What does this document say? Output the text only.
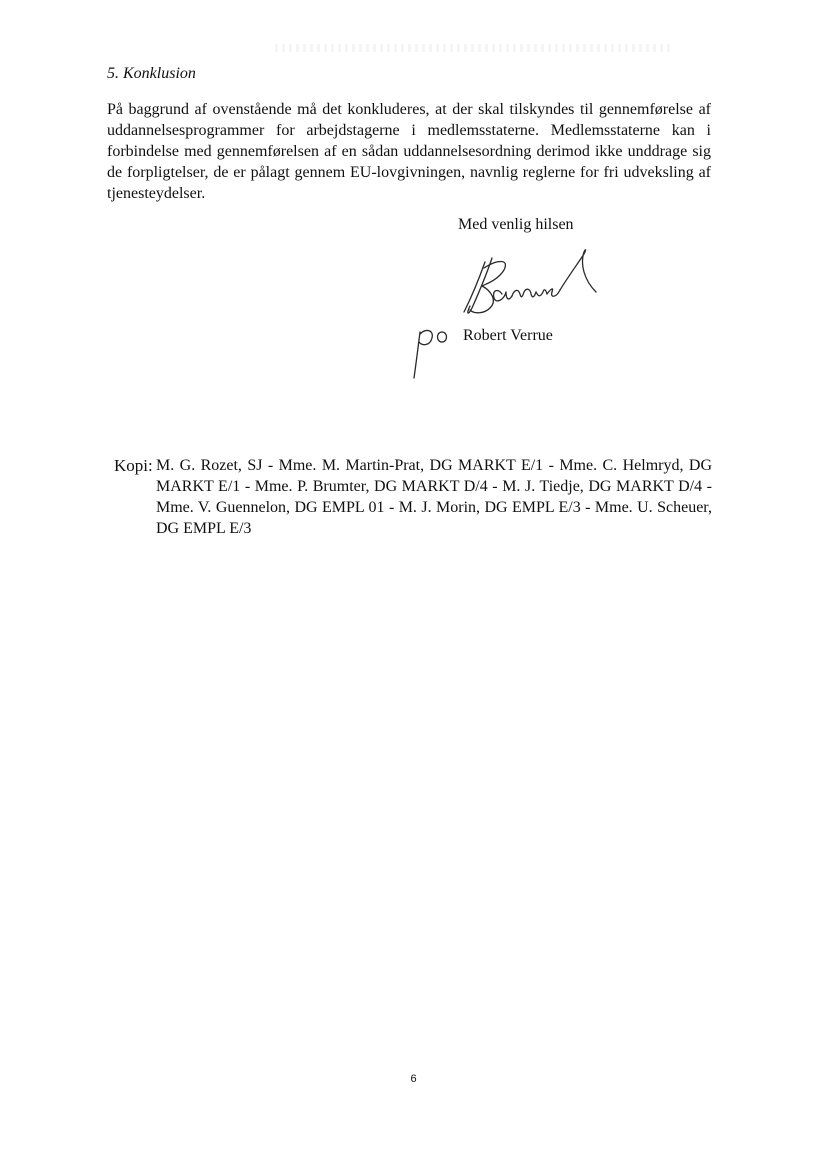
5. Konklusion

På baggrund af ovenstående må det konkluderes, at der skal tilskyndes til gennemførelse af uddannelsesprogrammer for arbejdstagerne i medlemsstaterne. Medlemsstaterne kan i forbindelse med gennemførelsen af en sådan uddannelsesordning derimod ikke unddrage sig de forpligtelser, de er pålagt gennem EU-lovgivningen, navnlig reglerne for fri udveksling af tjenesteydelser.

Med venlig hilsen

Robert Verrue

Kopi: M. G. Rozet, SJ - Mme. M. Martin-Prat, DG MARKT E/1 - Mme. C. Helmryd, DG MARKT E/1 - Mme. P. Brumter, DG MARKT D/4 - M. J. Tiedje, DG MARKT D/4 - Mme. V. Guennelon, DG EMPL 01 - M. J. Morin, DG EMPL E/3 - Mme. U. Scheuer, DG EMPL E/3

6
